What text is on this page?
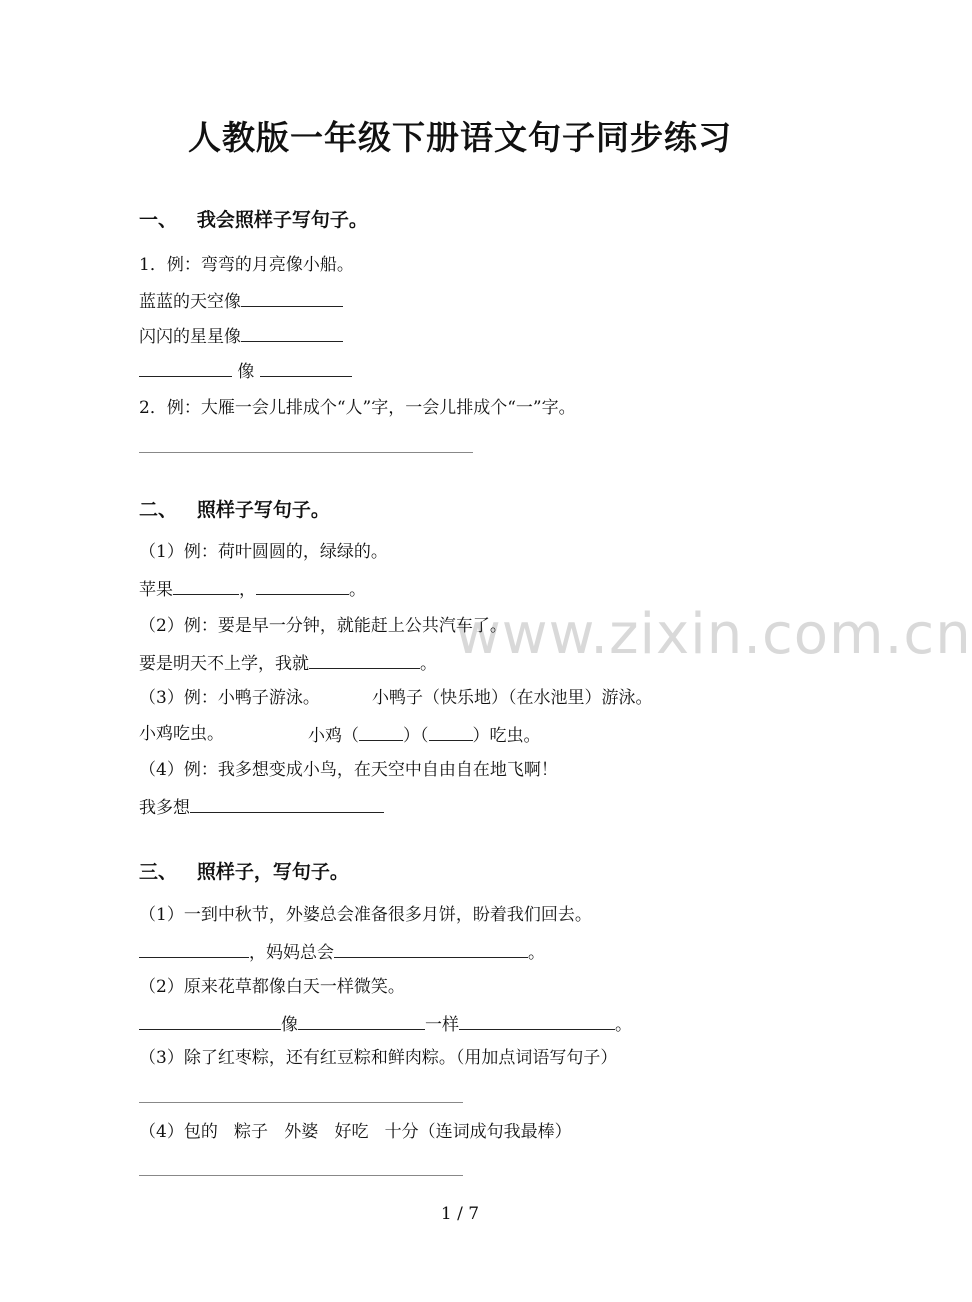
人教版一年级下册语文句子同步练习
www.zixin.com.cn
一、   我会照样子写句子。
1．例：弯弯的月亮像小船。
蓝蓝的天空像
闪闪的星星像
像
2．例：大雁一会儿排成个“人”字，一会儿排成个“一”字。
二、   照样子写句子。
（1）例：荷叶圆圆的，绿绿的。
苹果	，	。
（2）例：要是早一分钟，就能赶上公共汽车了。
要是明天不上学，我就	。
（3）例：小鸭子游泳。	小鸭子（快乐地）（在水池里）游泳。
小鸡吃虫。	小鸡（	）（	）吃虫。
（4）例：我多想变成小鸟，在天空中自由自在地飞啊！
我多想
三、   照样子，写句子。
（1）一到中秋节，外婆总会准备很多月饼，盼着我们回去。
，妈妈总会	。
（2）原来花草都像白天一样微笑。
像	一样	。
（3）除了红枣粽，还有红豆粽和鲜肉粽。（用加点词语写句子）
（4）包的   粽子   外婆   好吃   十分（连词成句我最棒）
1 / 7
